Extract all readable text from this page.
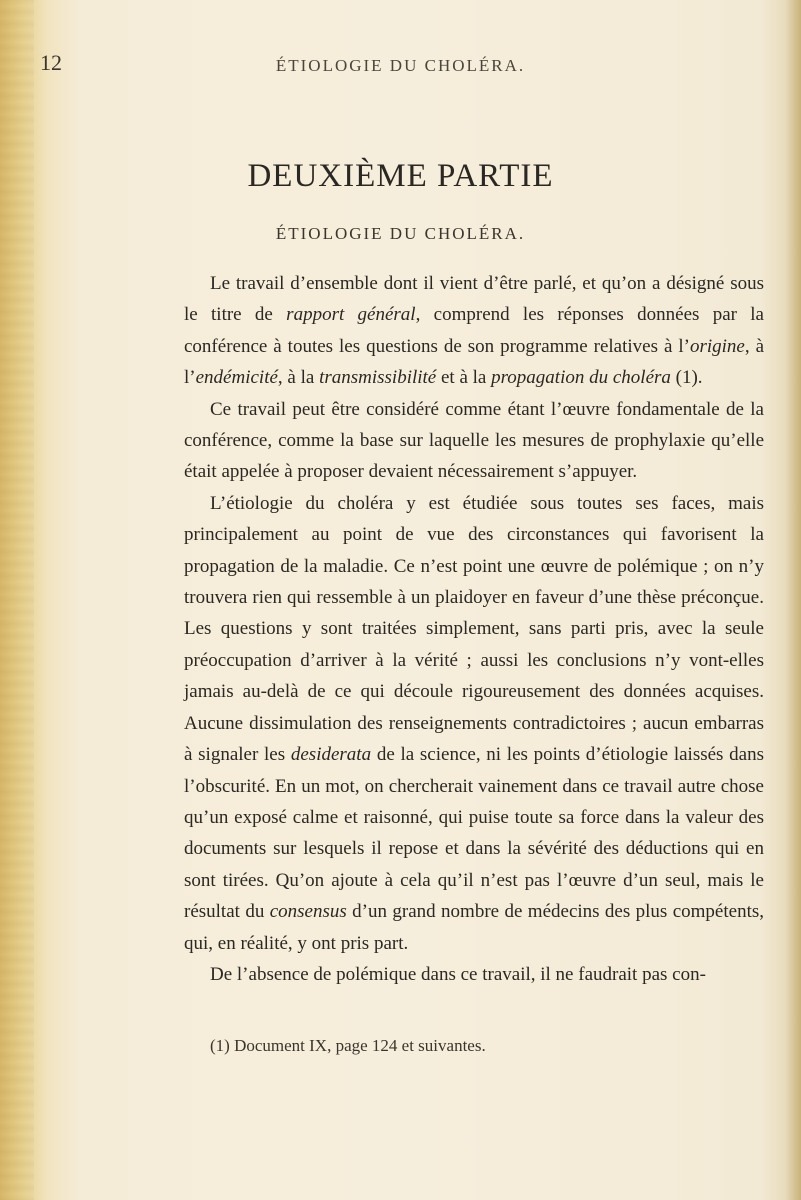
12	ÉTIOLOGIE DU CHOLÉRA.
DEUXIÈME PARTIE
ÉTIOLOGIE DU CHOLÉRA.

Le travail d’ensemble dont il vient d’être parlé, et qu’on a désigné sous le titre de rapport général, comprend les réponses données par la conférence à toutes les questions de son programme relatives à l’origine, à l’endémicité, à la transmissibilité et à la propagation du choléra (1).

Ce travail peut être considéré comme étant l’œuvre fondamentale de la conférence, comme la base sur laquelle les mesures de prophylaxie qu’elle était appelée à proposer devaient nécessairement s’appuyer.

L’étiologie du choléra y est étudiée sous toutes ses faces, mais principalement au point de vue des circonstances qui favorisent la propagation de la maladie. Ce n’est point une œuvre de polémique ; on n’y trouvera rien qui ressemble à un plaidoyer en faveur d’une thèse préconçue. Les questions y sont traitées simplement, sans parti pris, avec la seule préoccupation d’arriver à la vérité ; aussi les conclusions n’y vont-elles jamais au-delà de ce qui découle rigoureusement des données acquises. Aucune dissimulation des renseignements contradictoires ; aucun embarras à signaler les desiderata de la science, ni les points d’étiologie laissés dans l’obscurité. En un mot, on chercherait vainement dans ce travail autre chose qu’un exposé calme et raisonné, qui puise toute sa force dans la valeur des documents sur lesquels il repose et dans la sévérité des déductions qui en sont tirées. Qu’on ajoute à cela qu’il n’est pas l’œuvre d’un seul, mais le résultat du consensus d’un grand nombre de médecins des plus compétents, qui, en réalité, y ont pris part.

De l’absence de polémique dans ce travail, il ne faudrait pas con-

(1) Document IX, page 124 et suivantes.
